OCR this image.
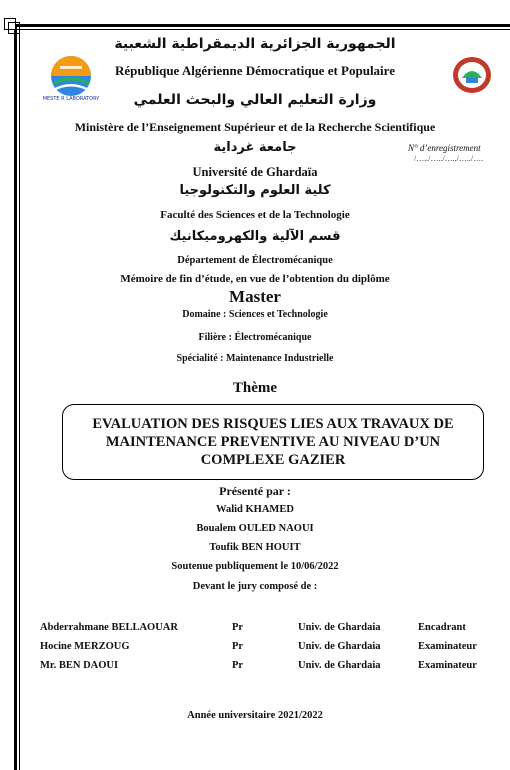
MESTE R LABORATORY
الجمهورية الجزائرية الديمقراطية الشعبية
République Algérienne Démocratique et Populaire
وزارة التعليم العالي والبحث العلمي
Ministère de l’Enseignement Supérieur et de la Recherche Scientifique
جامعة غرداية
Université de Ghardaïa
كلية العلوم والتكنولوجيا
Faculté des Sciences et de la Technologie
قسم الآلية والكهروميكانيك
Département de Électromécanique
N° d’enregistrement
/…../…../…../…../….
Mémoire de fin d’étude, en vue de l’obtention du diplôme
Master
Domaine : Sciences et Technologie
Filière : Électromécanique
Spécialité : Maintenance Industrielle
Thème
EVALUATION DES RISQUES LIES AUX TRAVAUX DE MAINTENANCE PREVENTIVE AU NIVEAU D’UN COMPLEXE GAZIER
Présenté par :
Walid KHAMED
Boualem OULED NAOUI
Toufik BEN HOUIT
Soutenue publiquement le 10/06/2022
Devant le jury composé de :
Abderrahmane BELLAOUAR	Pr	Univ. de Ghardaia	Encadrant
Hocine MERZOUG	Pr	Univ. de Ghardaia	Examinateur
Mr. BEN DAOUI	Pr	Univ. de Ghardaia	Examinateur
Année universitaire 2021/2022
